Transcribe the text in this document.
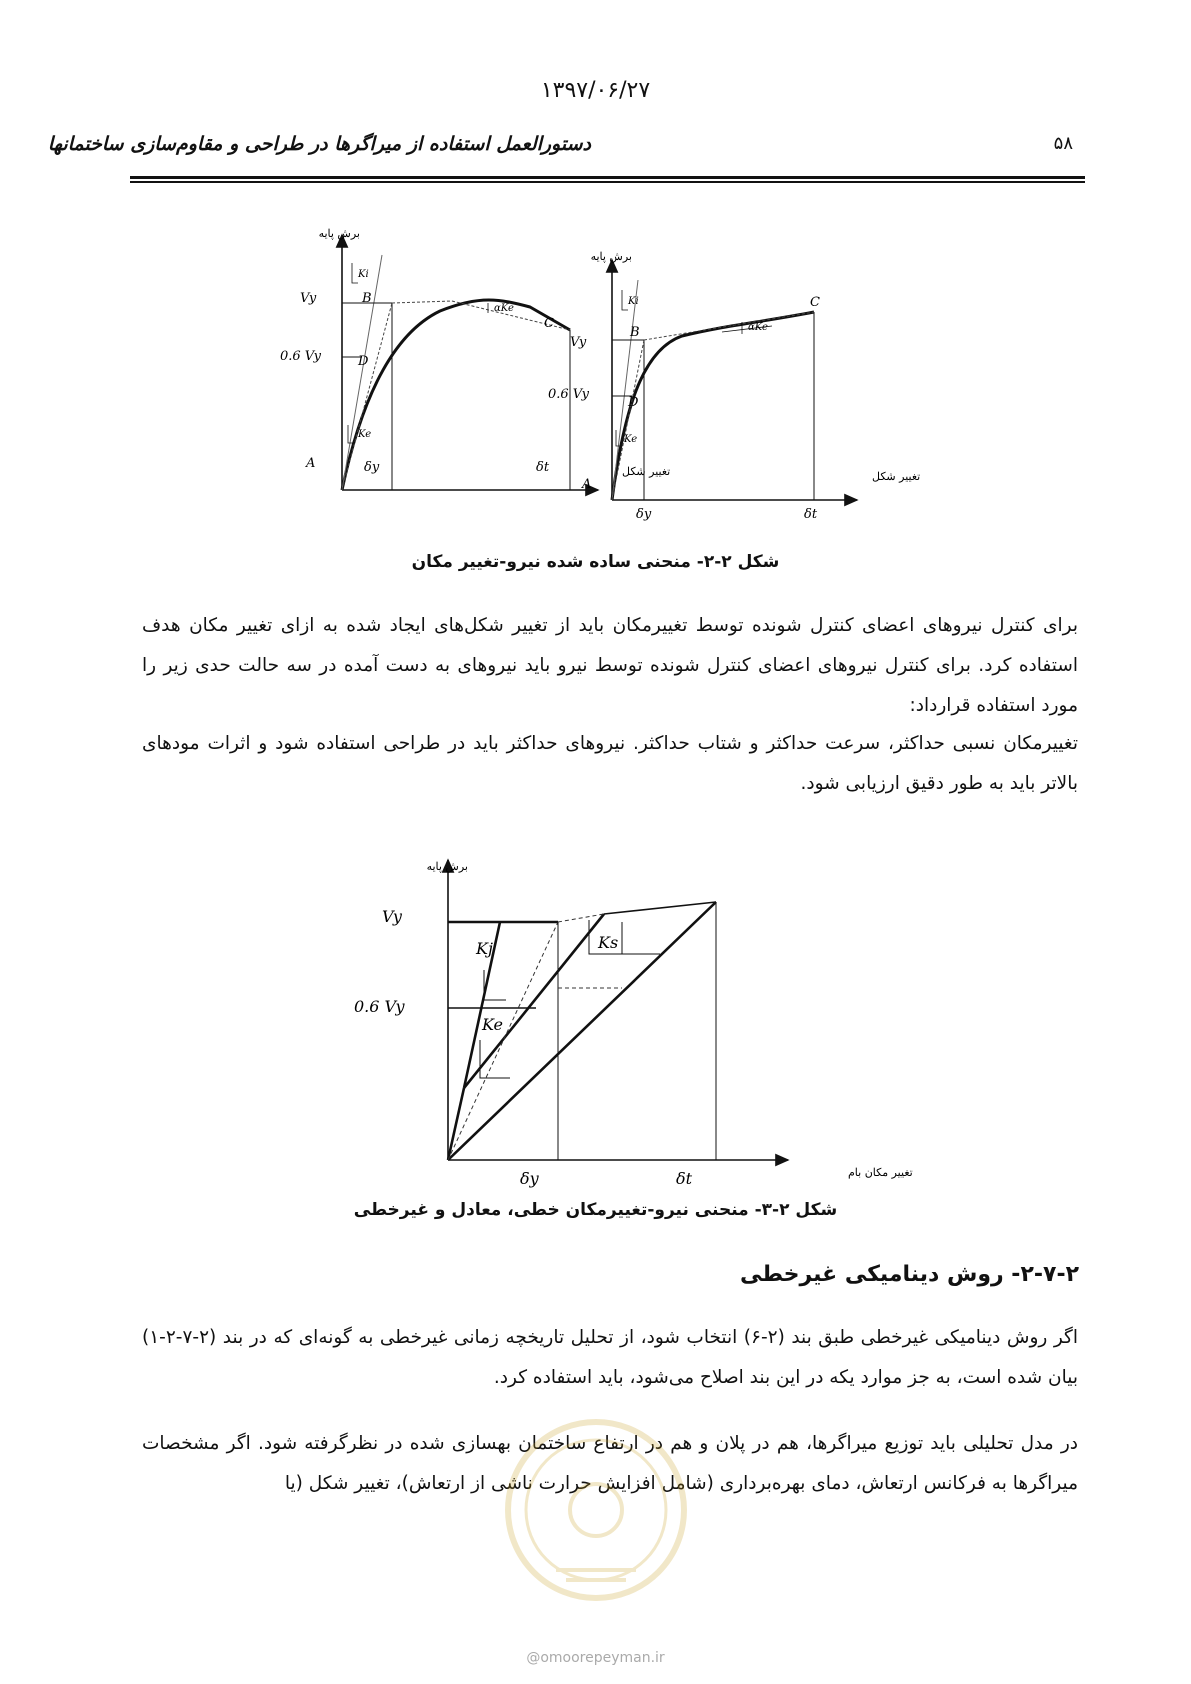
۱۳۹۷/۰۶/۲۷
دستورالعمل استفاده از میراگرها در طراحی و مقاوم‌سازی ساختمانها	۵۸
برش پایه
تغییر شکل
Ki
Ke
αKe
Vy
0.6 Vy
B
D
C
A	δy	δt
برش پایه
تغییر شکل
Ki
Ke
αKe
Vy
0.6 Vy
B
D
C
A
δy	δt
شکل ۲-۲- منحنی ساده شده نیرو-تغییر مکان
برای کنترل نیروهای اعضای کنترل شونده توسط تغییرمکان باید از تغییر شکل‌های ایجاد شده به ازای تغییر مکان هدف استفاده کرد. برای کنترل نیروهای اعضای کنترل شونده توسط نیرو باید نیروهای به دست آمده در سه حالت حدی زیر را مورد استفاده قرارداد:
تغییرمکان نسبی حداکثر، سرعت حداکثر و شتاب حداکثر. نیروهای حداکثر باید در طراحی استفاده شود و اثرات مودهای بالاتر باید به طور دقیق ارزیابی شود.
برش پایه
تغییر مکان بام
Vy
0.6 Vy
Kj
Ke
Ks
δy	δt
شکل ۲-۳- منحنی نیرو-تغییرمکان خطی، معادل و غیرخطی
۲-۷-۲- روش دینامیکی غیرخطی
اگر روش دینامیکی غیرخطی طبق بند (۲-۶) انتخاب شود، از تحلیل تاریخچه زمانی غیرخطی به گونه‌ای که در بند (۲-۷-۲-۱) بیان شده است، به جز موارد یکه در این بند اصلاح می‌شود، باید استفاده کرد.
در مدل تحلیلی باید توزیع میراگرها، هم در پلان و هم در ارتفاع ساختمان بهسازی شده در نظرگرفته شود. اگر مشخصات میراگرها به فرکانس ارتعاش، دمای بهره‌برداری (شامل افزایش حرارت ناشی از ارتعاش)، تغییر شکل (یا
@omoorepeyman.ir
